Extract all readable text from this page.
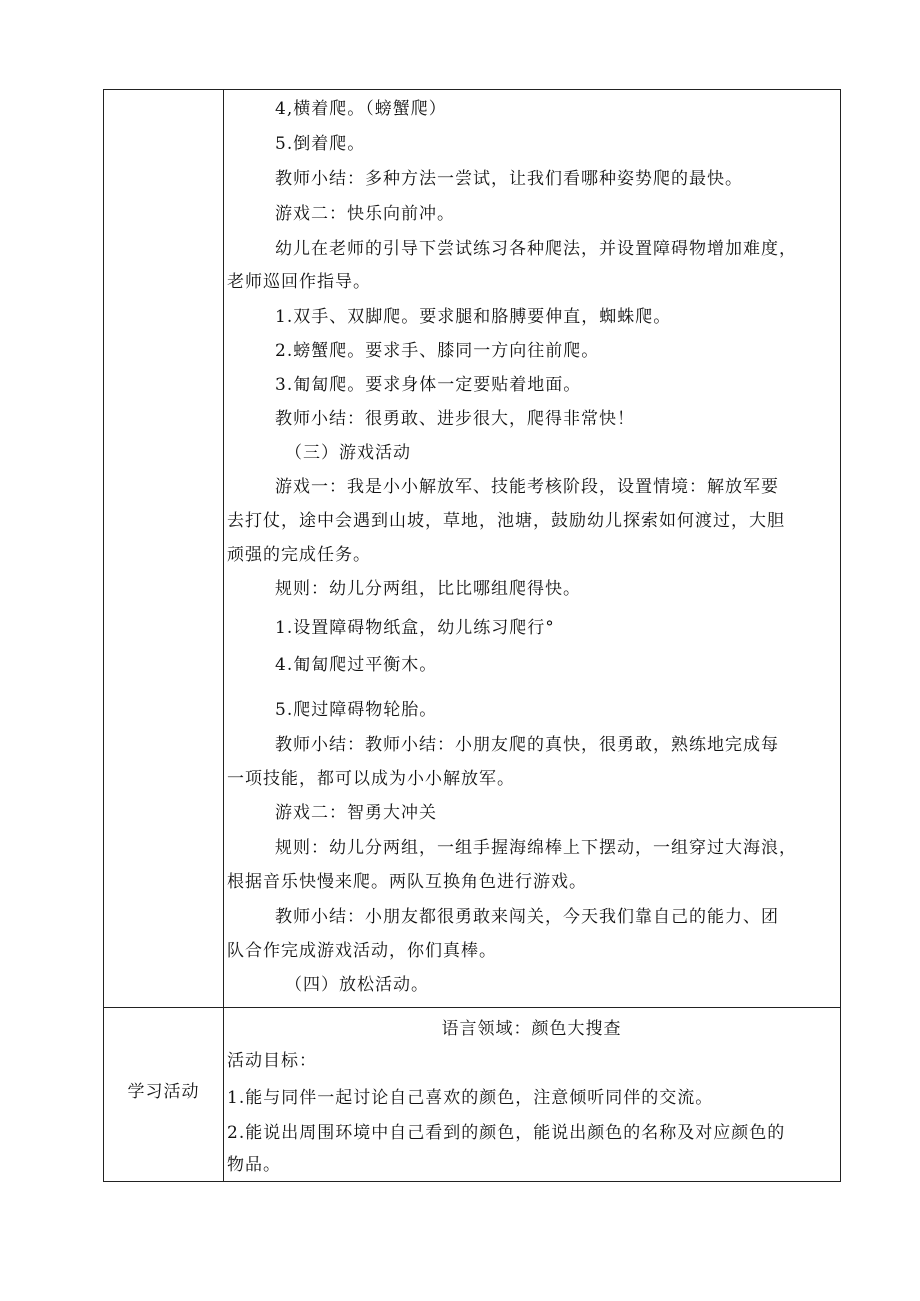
4,横着爬。（螃蟹爬）
5.倒着爬。
教师小结：多种方法一尝试，让我们看哪种姿势爬的最快。
游戏二：快乐向前冲。
幼儿在老师的引导下尝试练习各种爬法，并设置障碍物增加难度，
老师巡回作指导。
1.双手、双脚爬。要求腿和胳膊要伸直，蜘蛛爬。
2.螃蟹爬。要求手、膝同一方向往前爬。
3.匍匐爬。要求身体一定要贴着地面。
教师小结：很勇敢、进步很大，爬得非常快！
（三）游戏活动
游戏一：我是小小解放军、技能考核阶段，设置情境：解放军要
去打仗，途中会遇到山坡，草地，池塘，鼓励幼儿探索如何渡过，大胆
顽强的完成任务。
规则：幼儿分两组，比比哪组爬得快。
1.设置障碍物纸盒，幼儿练习爬行°
4.匍匐爬过平衡木。
5.爬过障碍物轮胎。
教师小结：教师小结：小朋友爬的真快，很勇敢，熟练地完成每
一项技能，都可以成为小小解放军。
游戏二：智勇大冲关
规则：幼儿分两组，一组手握海绵棒上下摆动，一组穿过大海浪，
根据音乐快慢来爬。两队互换角色进行游戏。
教师小结：小朋友都很勇敢来闯关，今天我们靠自己的能力、团
队合作完成游戏活动，你们真棒。
（四）放松活动。
学习活动
语言领域：颜色大搜查
活动目标：
1.能与同伴一起讨论自己喜欢的颜色，注意倾听同伴的交流。
2.能说出周围环境中自己看到的颜色，能说出颜色的名称及对应颜色的
物品。
